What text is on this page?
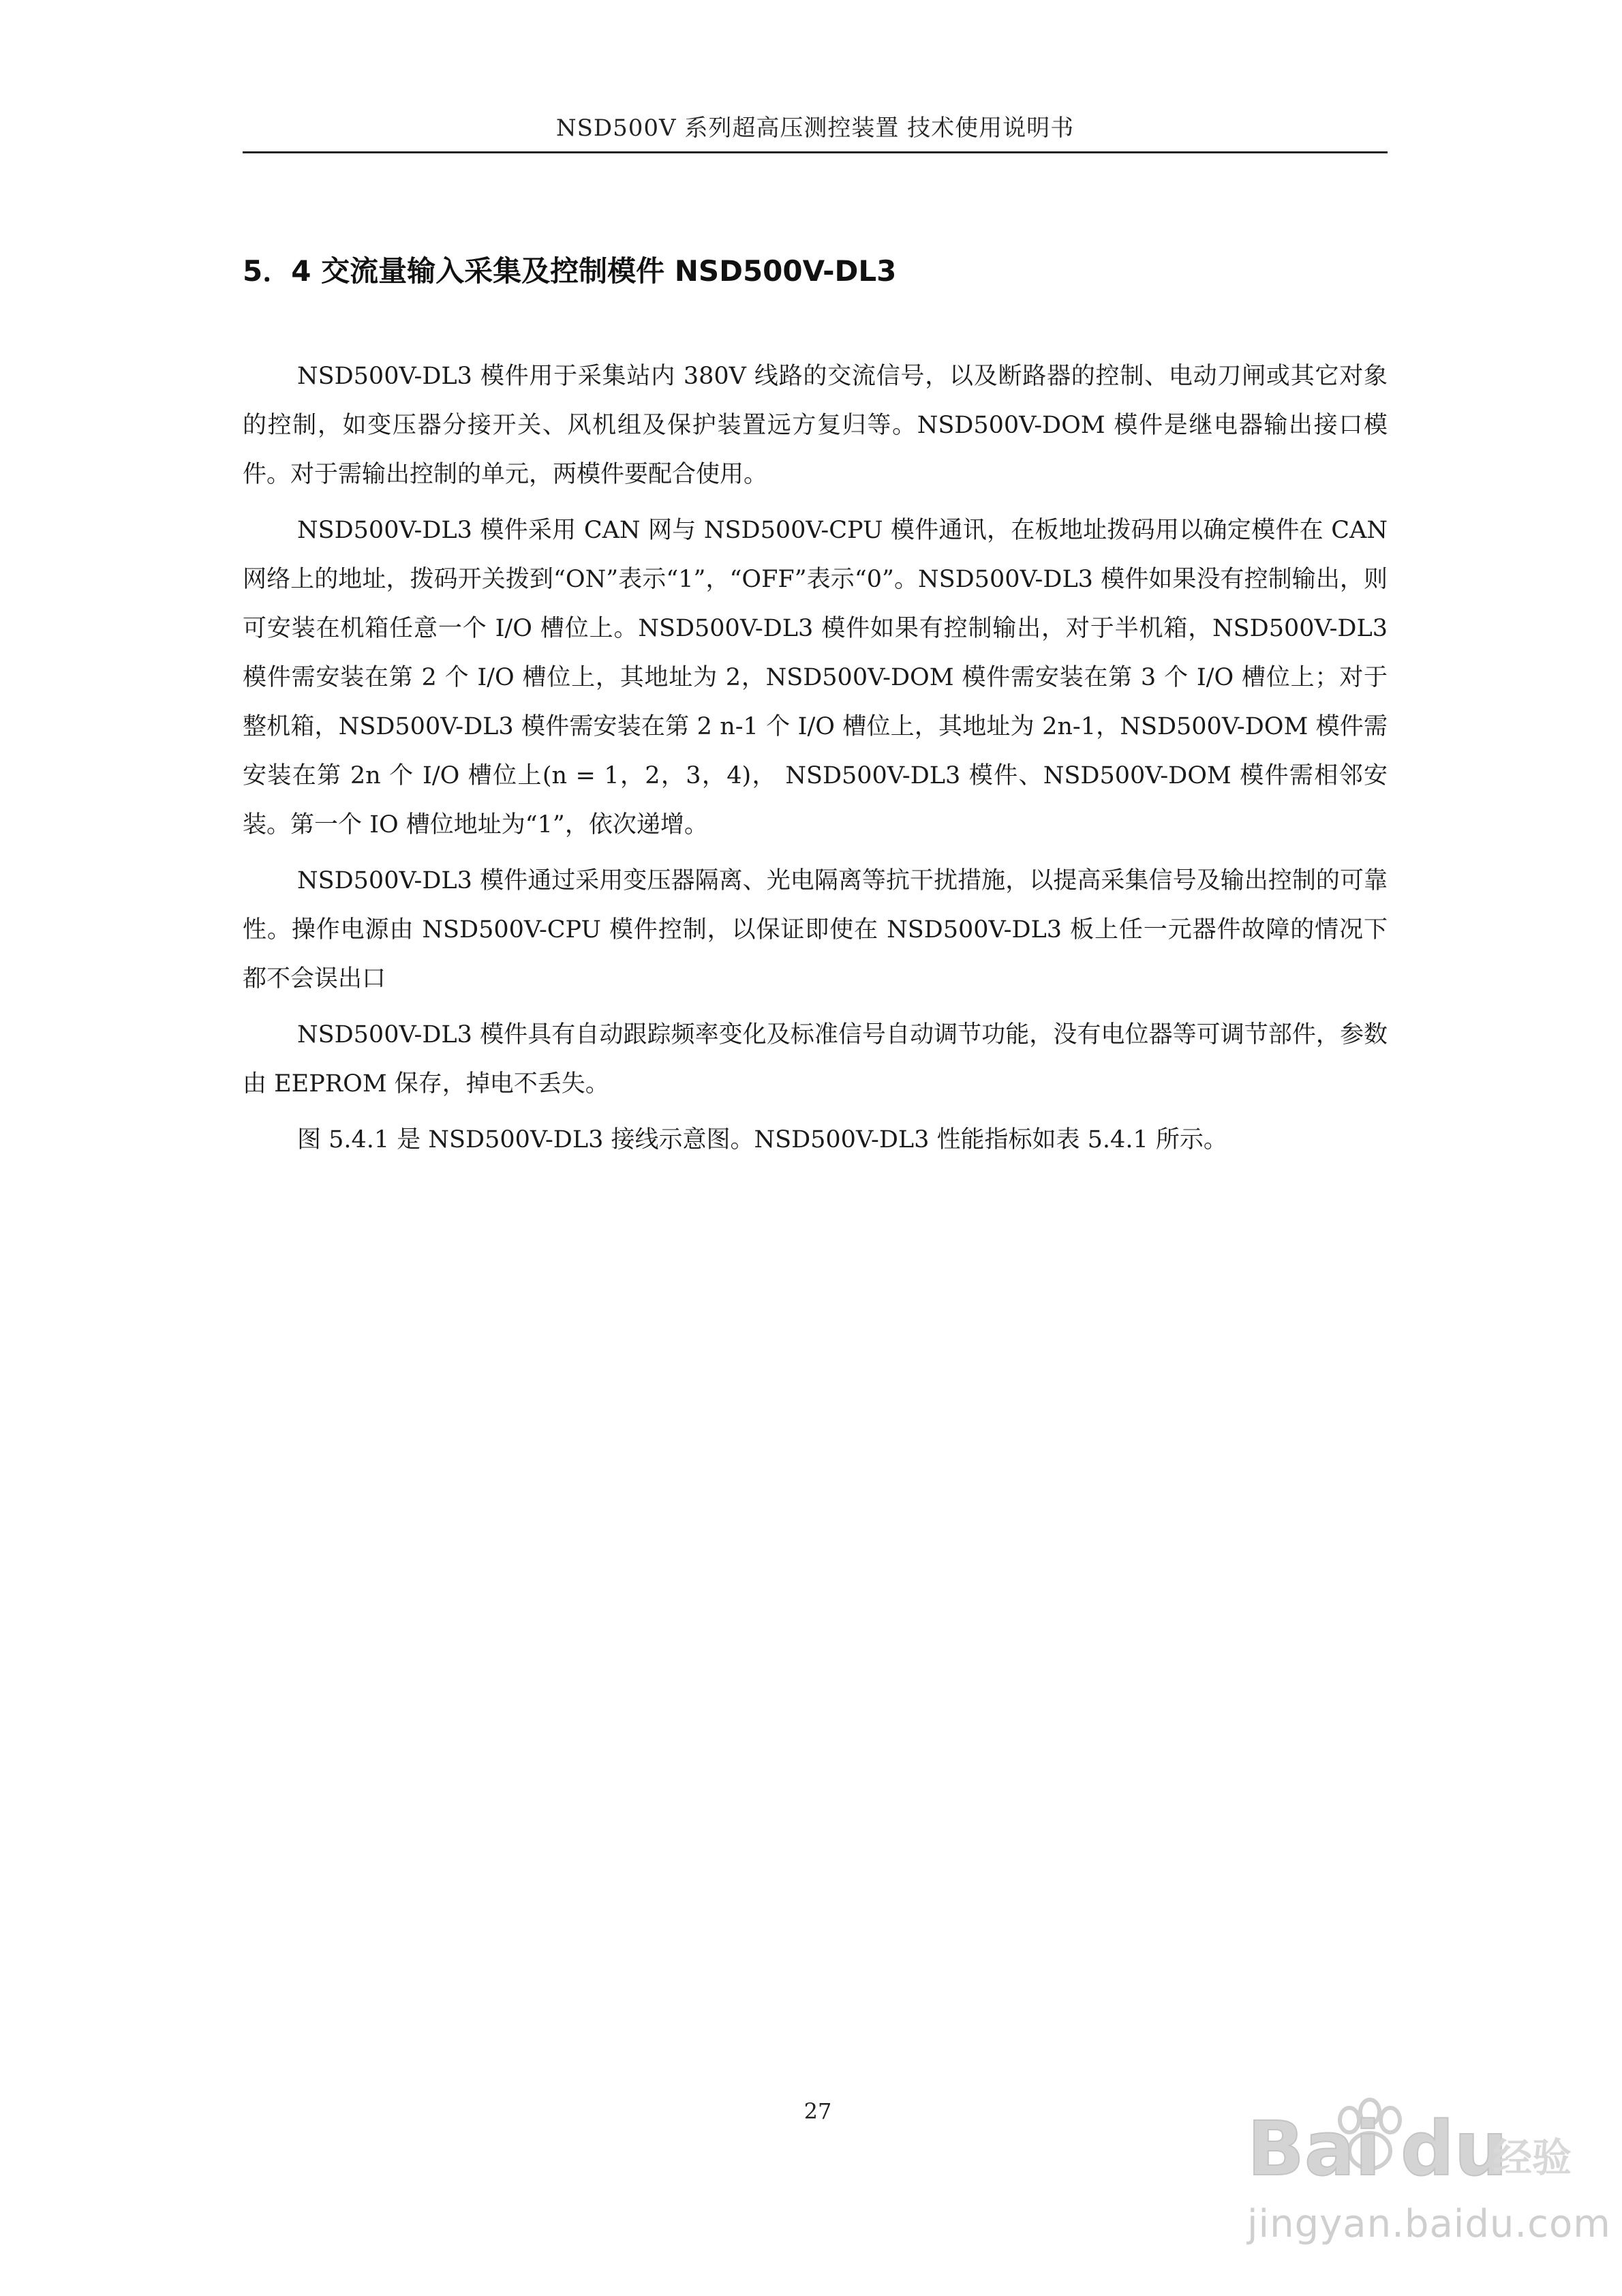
NSD500V 系列超高压测控装置 技术使用说明书
5．4 交流量输入采集及控制模件 NSD500V-DL3

NSD500V-DL3 模件用于采集站内 380V 线路的交流信号，以及断路器的控制、电动刀闸或其它对象的控制，如变压器分接开关、风机组及保护装置远方复归等。NSD500V-DOM 模件是继电器输出接口模件。对于需输出控制的单元，两模件要配合使用。

NSD500V-DL3 模件采用 CAN 网与 NSD500V-CPU 模件通讯，在板地址拨码用以确定模件在 CAN 网络上的地址，拨码开关拨到“ON”表示“1”，“OFF”表示“0”。NSD500V-DL3 模件如果没有控制输出，则可安装在机箱任意一个 I/O 槽位上。NSD500V-DL3 模件如果有控制输出，对于半机箱，NSD500V-DL3 模件需安装在第 2 个 I/O 槽位上，其地址为 2，NSD500V-DOM 模件需安装在第 3 个 I/O 槽位上；对于整机箱，NSD500V-DL3 模件需安装在第 2 n-1 个 I/O 槽位上，其地址为 2n-1，NSD500V-DOM 模件需安装在第 2n 个 I/O 槽位上(n = 1，2，3，4)， NSD500V-DL3 模件、NSD500V-DOM 模件需相邻安装。第一个 IO 槽位地址为“1”，依次递增。

NSD500V-DL3 模件通过采用变压器隔离、光电隔离等抗干扰措施，以提高采集信号及输出控制的可靠性。操作电源由 NSD500V-CPU 模件控制，以保证即使在 NSD500V-DL3 板上任一元器件故障的情况下都不会误出口

NSD500V-DL3 模件具有自动跟踪频率变化及标准信号自动调节功能，没有电位器等可调节部件，参数由 EEPROM 保存，掉电不丢失。

图 5.4.1 是 NSD500V-DL3 接线示意图。NSD500V-DL3 性能指标如表 5.4.1 所示。

27	Bai du
经验
jingyan.baidu.com
